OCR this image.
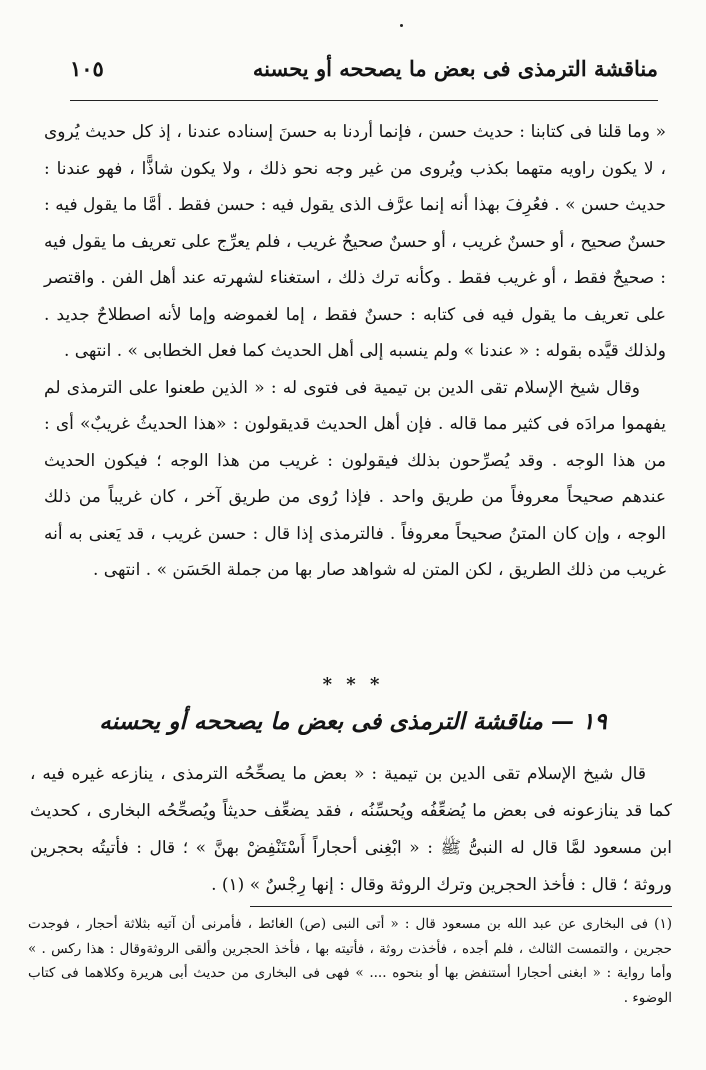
مناقشة الترمذى فى بعض ما يصححه أو يحسنه
١٠٥

« وما قلنا فى كتابنا : حديث حسن ، فإنما أردنا به حسنَ إسناده عندنا ، إذ كل حديث يُروى ، لا يكون راويه متهما بكذب ويُروى من غير وجه نحو ذلك ، ولا يكون شاذًّا ، فهو عندنا : حديث حسن » . فعُرِفَ بهذا أنه إنما عرَّف الذى يقول فيه : حسن فقط . أمَّا ما يقول فيه : حسنٌ صحيح ، أو حسنٌ غريب ، أو حسنٌ صحيحٌ غريب ، فلم يعرِّج على تعريف ما يقول فيه : صحيحٌ فقط ، أو غريب فقط . وكأنه ترك ذلك ، استغناء لشهرته عند أهل الفن . واقتصر على تعريف ما يقول فيه فى كتابه : حسنٌ فقط ، إما لغموضه وإما لأنه اصطلاحٌ جديد . ولذلك قيَّده بقوله : « عندنا » ولم ينسبه إلى أهل الحديث كما فعل الخطابى » . انتهى .

وقال شيخ الإسلام تقى الدين بن تيمية فى فتوى له : « الذين طعنوا على الترمذى لم يفهموا مرادَه فى كثير مما قاله . فإن أهل الحديث قديقولون : «هذا الحديثُ غريبٌ» أى : من هذا الوجه . وقد يُصرِّحون بذلك فيقولون : غريب من هذا الوجه ؛ فيكون الحديث عندهم صحيحاً معروفاً من طريق واحد . فإذا رُوى من طريق آخر ، كان غريباً من ذلك الوجه ، وإن كان المتنُ صحيحاً معروفاً . فالترمذى إذا قال : حسن غريب ، قد يَعنى به أنه غريب من ذلك الطريق ، لكن المتن له شواهد صار بها من جملة الحَسَن » . انتهى .

* * *
١٩ — مناقشة الترمذى فى بعض ما يصححه أو يحسنه

قال شيخ الإسلام تقى الدين بن تيمية : « بعض ما يصحِّحُه الترمذى ، ينازعه غيره فيه ، كما قد ينازعونه فى بعض ما يُضعِّفُه ويُحسِّنُه ، فقد يضعِّف حديثاً ويُصحِّحُه البخارى ، كحديث ابن مسعود لمَّا قال له النبىُّ ﷺ : « ابْغِنى أحجاراً أَسْتَنْفِضْ بهنَّ » ؛ قال : فأتيتُه بحجرين وروثة ؛ قال : فأخذ الحجرين وترك الروثة وقال : إنها رِجْسٌ » (١) .

(١) فى البخارى عن عبد الله بن مسعود قال : « أتى النبى (ص) الغائط ، فأمرنى أن آتيه بثلاثة أحجار ، فوجدت حجرين ، والتمست الثالث ، فلم أجده ، فأخذت روثة ، فأتيته بها ، فأخذ الحجرين وألقى الروثةوقال : هذا ركس . » وأما رواية : « ابغنى أحجارا أستنفض بها أو بنحوه .... » فهى فى البخارى من حديث أبى هريرة وكلاهما فى كتاب الوضوء .
